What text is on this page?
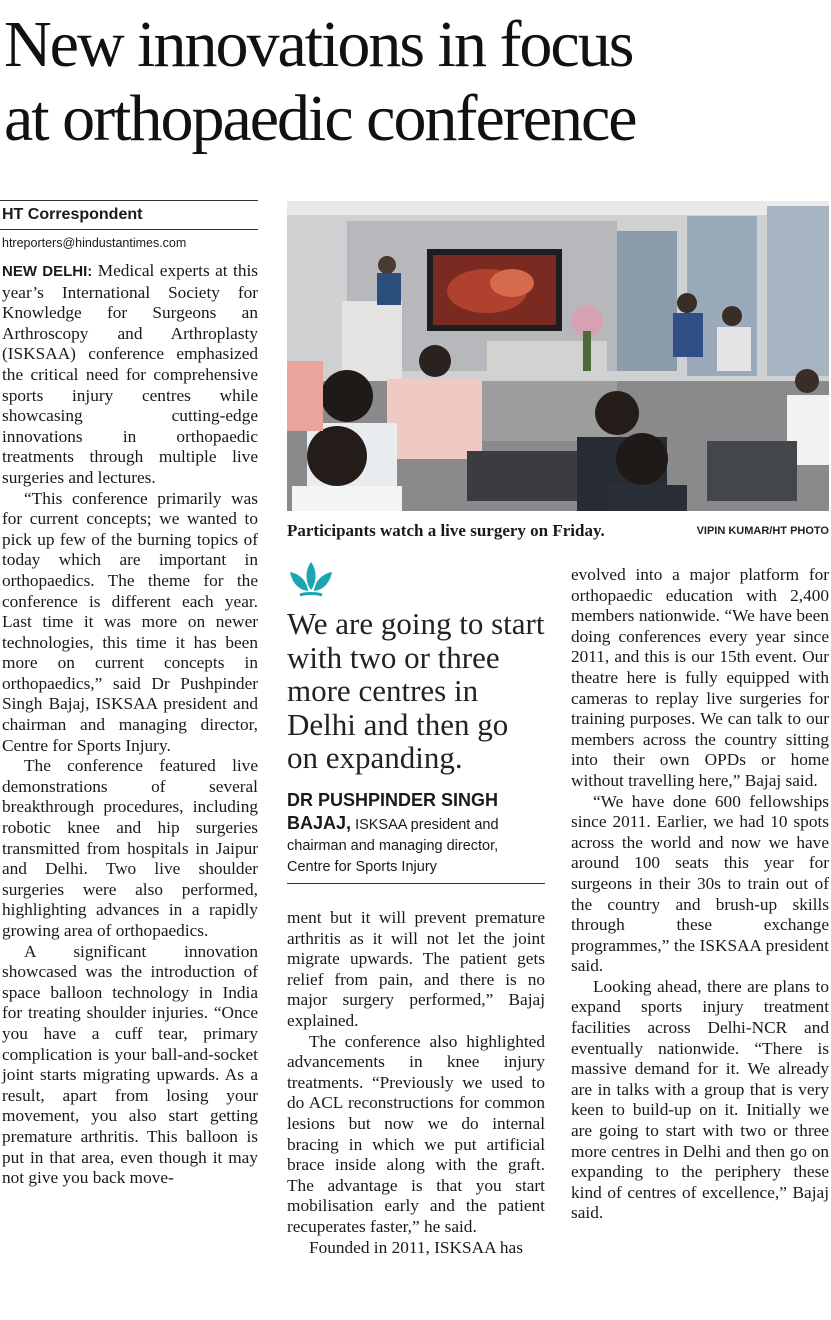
New innovations in focus
at orthopaedic conference
HT Correspondent
htreporters@hindustantimes.com

NEW DELHI: Medical experts at this year’s International Society for Knowledge for Surgeons an Arthroscopy and Arthroplasty (ISKSAA) conference emphasized the critical need for comprehensive sports injury centres while showcasing cutting-edge innovations in orthopaedic treatments through multiple live surgeries and lectures.

“This conference primarily was for current concepts; we wanted to pick up few of the burning topics of today which are important in orthopaedics. The theme for the conference is different each year. Last time it was more on newer technologies, this time it has been more on current concepts in orthopaedics,” said Dr Pushpinder Singh Bajaj, ISKSAA president and chairman and managing director, Centre for Sports Injury.

The conference featured live demonstrations of several breakthrough procedures, including robotic knee and hip surgeries transmitted from hospitals in Jaipur and Delhi. Two live shoulder surgeries were also performed, highlighting advances in a rapidly growing area of orthopaedics.

A significant innovation showcased was the introduction of space balloon technology in India for treating shoulder injuries. “Once you have a cuff tear, primary complication is your ball-and-socket joint starts migrating upwards. As a result, apart from losing your movement, you also start getting premature arthritis. This balloon is put in that area, even though it may not give you back move-

Participants watch a live surgery on Friday.	VIPIN KUMAR/HT PHOTO
We are going to start with two or three more centres in Delhi and then go on expanding.
DR PUSHPINDER SINGH BAJAJ, ISKSAA president and chairman and managing director, Centre for Sports Injury

ment but it will prevent premature arthritis as it will not let the joint migrate upwards. The patient gets relief from pain, and there is no major surgery performed,” Bajaj explained.

The conference also highlighted advancements in knee injury treatments. “Previously we used to do ACL reconstructions for common lesions but now we do internal bracing in which we put artificial brace inside along with the graft. The advantage is that you start mobilisation early and the patient recuperates faster,” he said.

Founded in 2011, ISKSAA has

evolved into a major platform for orthopaedic education with 2,400 members nationwide. “We have been doing conferences every year since 2011, and this is our 15th event. Our theatre here is fully equipped with cameras to replay live surgeries for training purposes. We can talk to our members across the country sitting into their own OPDs or home without travelling here,” Bajaj said.

“We have done 600 fellowships since 2011. Earlier, we had 10 spots across the world and now we have around 100 seats this year for surgeons in their 30s to train out of the country and brush-up skills through these exchange programmes,” the ISKSAA president said.

Looking ahead, there are plans to expand sports injury treatment facilities across Delhi-NCR and eventually nationwide. “There is massive demand for it. We already are in talks with a group that is very keen to build-up on it. Initially we are going to start with two or three more centres in Delhi and then go on expanding to the periphery these kind of centres of excellence,” Bajaj said.
